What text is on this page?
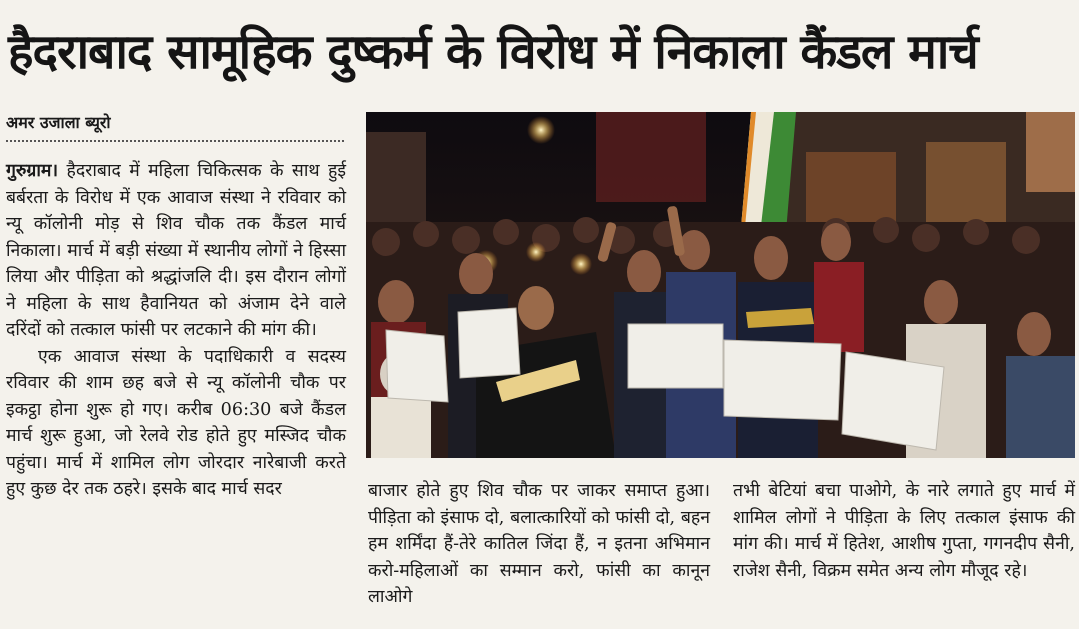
हैदराबाद सामूहिक दुष्कर्म के विरोध में निकाला कैंडल मार्च
अमर उजाला ब्यूरो

गुरुग्राम। हैदराबाद में महिला चिकित्सक के साथ हुई बर्बरता के विरोध में एक आवाज संस्था ने रविवार को न्यू कॉलोनी मोड़ से शिव चौक तक कैंडल मार्च निकाला। मार्च में बड़ी संख्या में स्थानीय लोगों ने हिस्सा लिया और पीड़िता को श्रद्धांजलि दी। इस दौरान लोगों ने महिला के साथ हैवानियत को अंजाम देने वाले दरिंदों को तत्काल फांसी पर लटकाने की मांग की।

एक आवाज संस्था के पदाधिकारी व सदस्य रविवार की शाम छह बजे से न्यू कॉलोनी चौक पर इकट्ठा होना शुरू हो गए। करीब 06:30 बजे कैंडल मार्च शुरू हुआ, जो रेलवे रोड होते हुए मस्जिद चौक पहुंचा। मार्च में शामिल लोग जोरदार नारेबाजी करते हुए कुछ देर तक ठहरे। इसके बाद मार्च सदर	बाजार होते हुए शिव चौक पर जाकर समाप्त हुआ। पीड़िता को इंसाफ दो, बलात्कारियों को फांसी दो, बहन हम शर्मिंदा हैं-तेरे कातिल जिंदा हैं, न इतना अभिमान करो-महिलाओं का सम्मान करो, फांसी का कानून लाओगे
तभी बेटियां बचा पाओगे, के नारे लगाते हुए मार्च में शामिल लोगों ने पीड़िता के लिए तत्काल इंसाफ की मांग की। मार्च में हितेश, आशीष गुप्ता, गगनदीप सैनी, राजेश सैनी, विक्रम समेत अन्य लोग मौजूद रहे।
